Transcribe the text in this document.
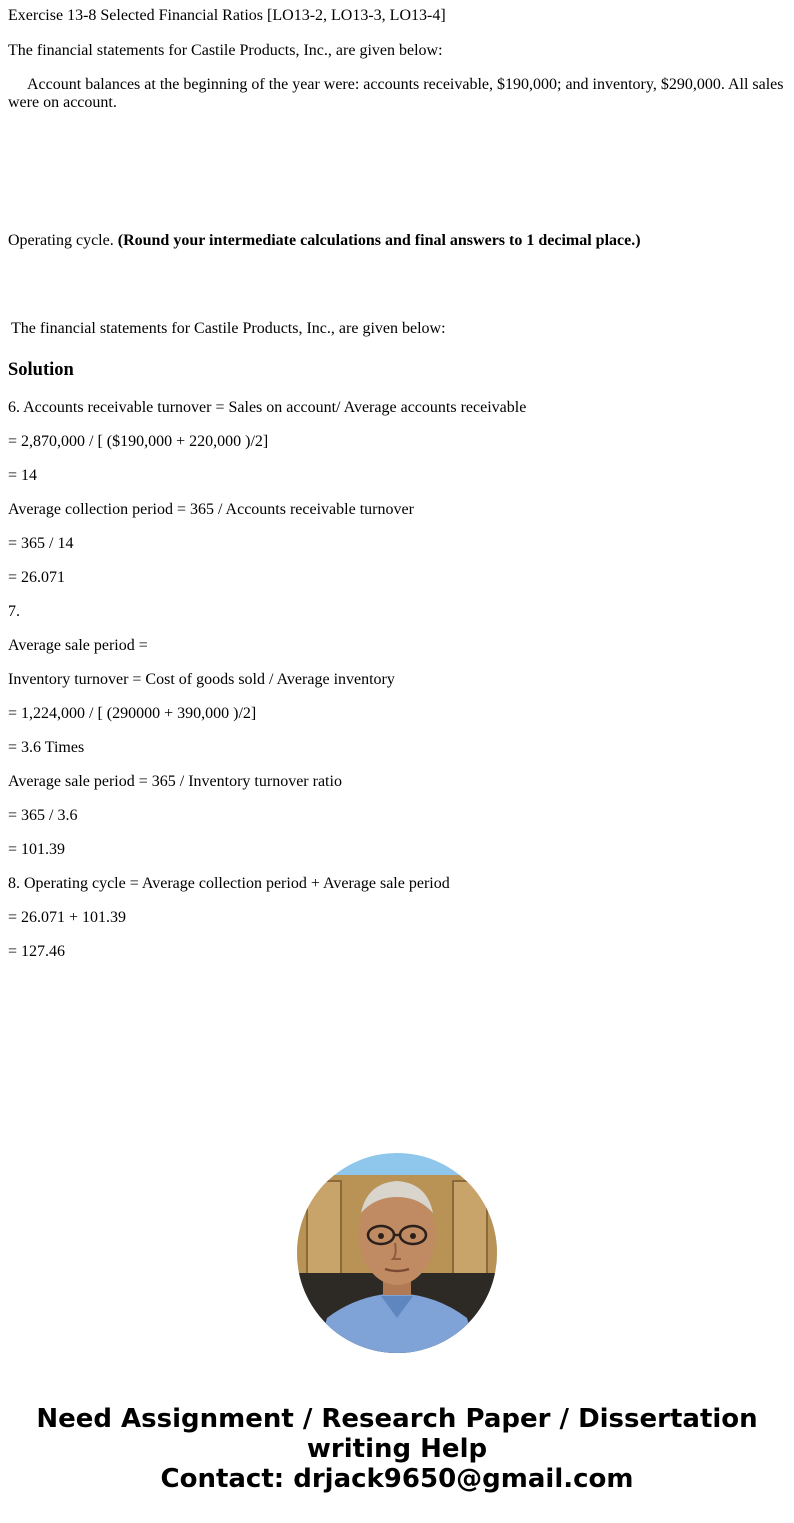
Exercise 13-8 Selected Financial Ratios [LO13-2, LO13-3, LO13-4]
The financial statements for Castile Products, Inc., are given below:
Account balances at the beginning of the year were: accounts receivable, $190,000; and inventory, $290,000. All sales were on account.
Operating cycle. (Round your intermediate calculations and final answers to 1 decimal place.)
The financial statements for Castile Products, Inc., are given below:
Solution
6. Accounts receivable turnover = Sales on account/ Average accounts receivable
= 2,870,000 / [ ($190,000 + 220,000 )/2]
= 14
Average collection period = 365 / Accounts receivable turnover
= 365 / 14
= 26.071
7.
Average sale period =
Inventory turnover = Cost of goods sold / Average inventory
= 1,224,000 / [ (290000 + 390,000 )/2]
= 3.6 Times
Average sale period = 365 / Inventory turnover ratio
= 365 / 3.6
= 101.39
8. Operating cycle = Average collection period + Average sale period
= 26.071 + 101.39
= 127.46
Need Assignment / Research Paper / Dissertation
writing Help
Contact: drjack9650@gmail.com
